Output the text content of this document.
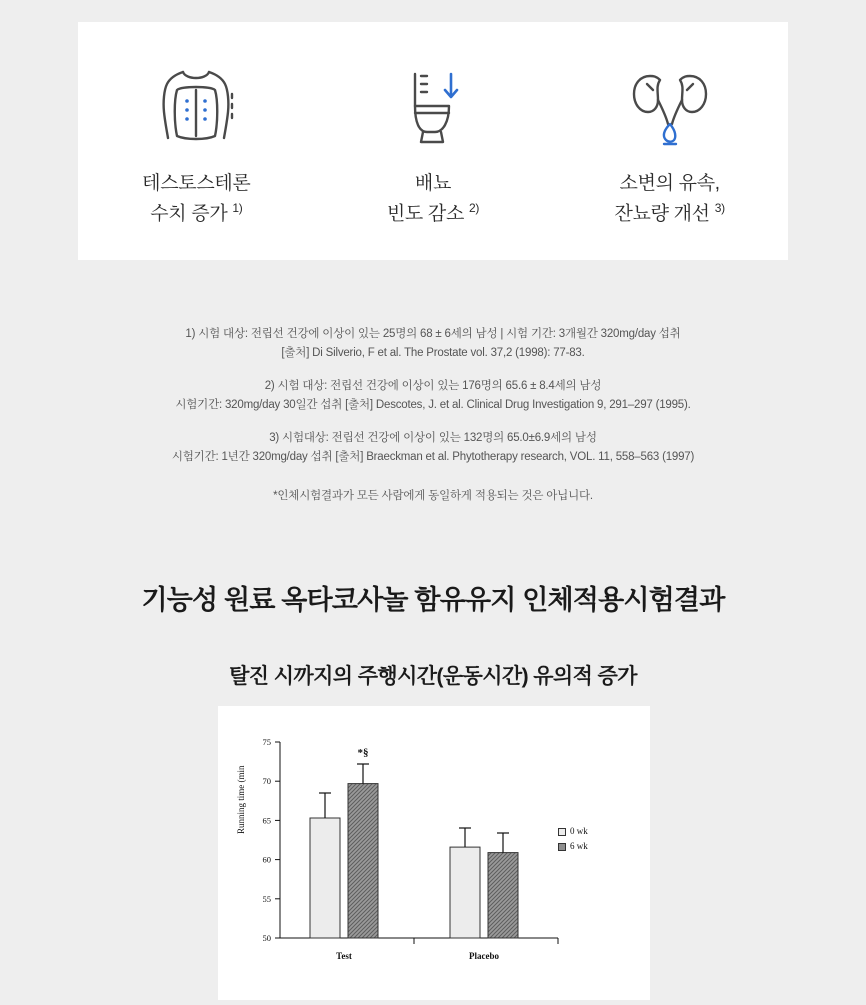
테스토스테론
수치 증가 $^{1)}$
배뇨
빈도 감소 $^{2)}$
소변의 유속,
잔뇨량 개선 $^{3)}$
1) 시험 대상: 전립선 건강에 이상이 있는 25명의 68 ± 6세의 남성 | 시험 기간: 3개월간 320mg/day 섭취
[출처] Di Silverio, F et al. The Prostate vol. 37,2 (1998): 77-83.
2) 시험 대상: 전립선 건강에 이상이 있는 176명의 65.6 ± 8.4세의 남성
시험기간: 320mg/day 30일간 섭취 [출처] Descotes, J. et al. Clinical Drug Investigation 9, 291–297 (1995).
3) 시험대상: 전립선 건강에 이상이 있는 132명의 65.0±6.9세의 남성
시험기간: 1년간 320mg/day 섭취 [출처] Braeckman et al. Phytotherapy research, VOL. 11, 558–563 (1997)
*인체시험결과가 모든 사람에게 동일하게 적용되는 것은 아닙니다.
기능성 원료 옥타코사놀 함유유지 인체적용시험결과
탈진 시까지의 주행시간(운동시간) 유의적 증가
Running time (min
50
55
60
65
70
75
*§
Test	Placebo
0 wk
6 wk
